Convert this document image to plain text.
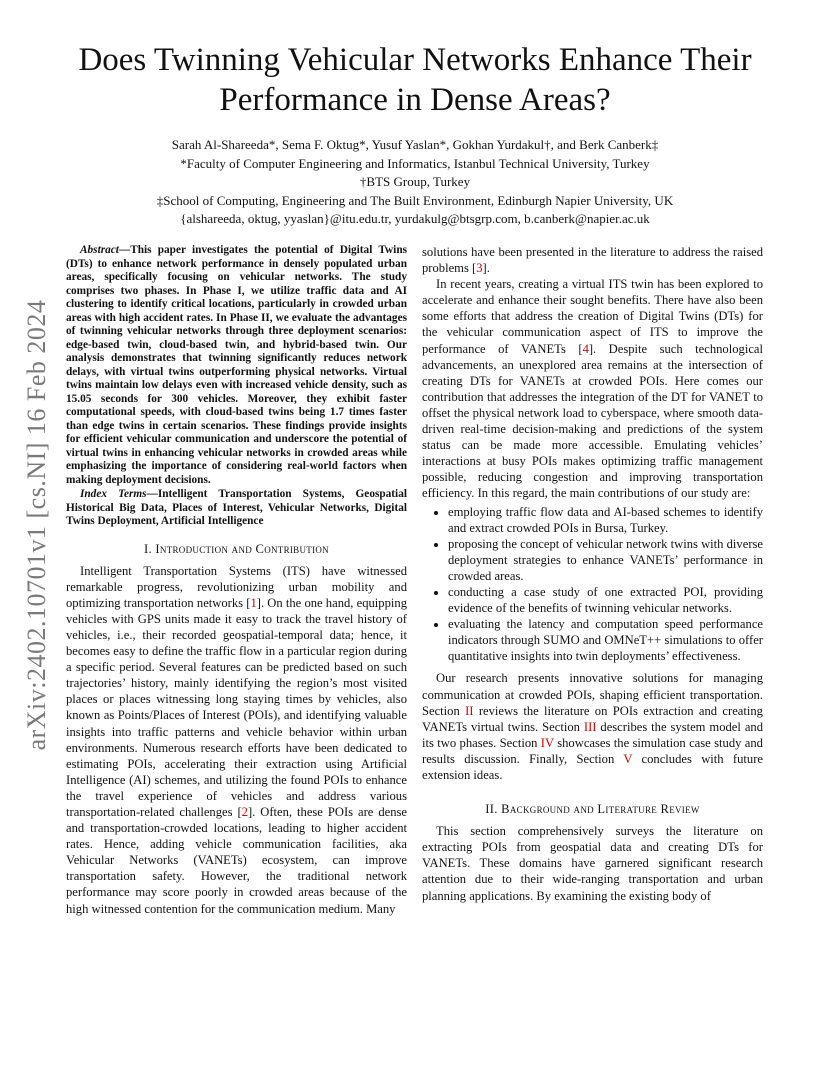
arXiv:2402.10701v1 [cs.NI] 16 Feb 2024
Does Twinning Vehicular Networks Enhance Their Performance in Dense Areas?
Sarah Al-Shareeda*, Sema F. Oktug*, Yusuf Yaslan*, Gokhan Yurdakul†, and Berk Canberk‡
*Faculty of Computer Engineering and Informatics, Istanbul Technical University, Turkey
†BTS Group, Turkey
‡School of Computing, Engineering and The Built Environment, Edinburgh Napier University, UK
{alshareeda, oktug, yyaslan}@itu.edu.tr, yurdakulg@btsgrp.com, b.canberk@napier.ac.uk

Abstract—This paper investigates the potential of Digital Twins (DTs) to enhance network performance in densely populated urban areas, specifically focusing on vehicular networks. The study comprises two phases. In Phase I, we utilize traffic data and AI clustering to identify critical locations, particularly in crowded urban areas with high accident rates. In Phase II, we evaluate the advantages of twinning vehicular networks through three deployment scenarios: edge-based twin, cloud-based twin, and hybrid-based twin. Our analysis demonstrates that twinning significantly reduces network delays, with virtual twins outperforming physical networks. Virtual twins maintain low delays even with increased vehicle density, such as 15.05 seconds for 300 vehicles. Moreover, they exhibit faster computational speeds, with cloud-based twins being 1.7 times faster than edge twins in certain scenarios. These findings provide insights for efficient vehicular communication and underscore the potential of virtual twins in enhancing vehicular networks in crowded areas while emphasizing the importance of considering real-world factors when making deployment decisions.

Index Terms—Intelligent Transportation Systems, Geospatial Historical Big Data, Places of Interest, Vehicular Networks, Digital Twins Deployment, Artificial Intelligence

I. Introduction and Contribution

Intelligent Transportation Systems (ITS) have witnessed remarkable progress, revolutionizing urban mobility and optimizing transportation networks [1]. On the one hand, equipping vehicles with GPS units made it easy to track the travel history of vehicles, i.e., their recorded geospatial-temporal data; hence, it becomes easy to define the traffic flow in a particular region during a specific period. Several features can be predicted based on such trajectories’ history, mainly identifying the region’s most visited places or places witnessing long staying times by vehicles, also known as Points/Places of Interest (POIs), and identifying valuable insights into traffic patterns and vehicle behavior within urban environments. Numerous research efforts have been dedicated to estimating POIs, accelerating their extraction using Artificial Intelligence (AI) schemes, and utilizing the found POIs to enhance the travel experience of vehicles and address various transportation-related challenges [2]. Often, these POIs are dense and transportation-crowded locations, leading to higher accident rates. Hence, adding vehicle communication facilities, aka Vehicular Networks (VANETs) ecosystem, can improve transportation safety. However, the traditional network performance may score poorly in crowded areas because of the high witnessed contention for the communication medium. Many

solutions have been presented in the literature to address the raised problems [3].

In recent years, creating a virtual ITS twin has been explored to accelerate and enhance their sought benefits. There have also been some efforts that address the creation of Digital Twins (DTs) for the vehicular communication aspect of ITS to improve the performance of VANETs [4]. Despite such technological advancements, an unexplored area remains at the intersection of creating DTs for VANETs at crowded POIs. Here comes our contribution that addresses the integration of the DT for VANET to offset the physical network load to cyberspace, where smooth data-driven real-time decision-making and predictions of the system status can be made more accessible. Emulating vehicles’ interactions at busy POIs makes optimizing traffic management possible, reducing congestion and improving transportation efficiency. In this regard, the main contributions of our study are:

• employing traffic flow data and AI-based schemes to identify and extract crowded POIs in Bursa, Turkey.
• proposing the concept of vehicular network twins with diverse deployment strategies to enhance VANETs’ performance in crowded areas.
• conducting a case study of one extracted POI, providing evidence of the benefits of twinning vehicular networks.
• evaluating the latency and computation speed performance indicators through SUMO and OMNeT++ simulations to offer quantitative insights into twin deployments’ effectiveness.

Our research presents innovative solutions for managing communication at crowded POIs, shaping efficient transportation. Section II reviews the literature on POIs extraction and creating VANETs virtual twins. Section III describes the system model and its two phases. Section IV showcases the simulation case study and results discussion. Finally, Section V concludes with future extension ideas.

II. Background and Literature Review

This section comprehensively surveys the literature on extracting POIs from geospatial data and creating DTs for VANETs. These domains have garnered significant research attention due to their wide-ranging transportation and urban planning applications. By examining the existing body of
